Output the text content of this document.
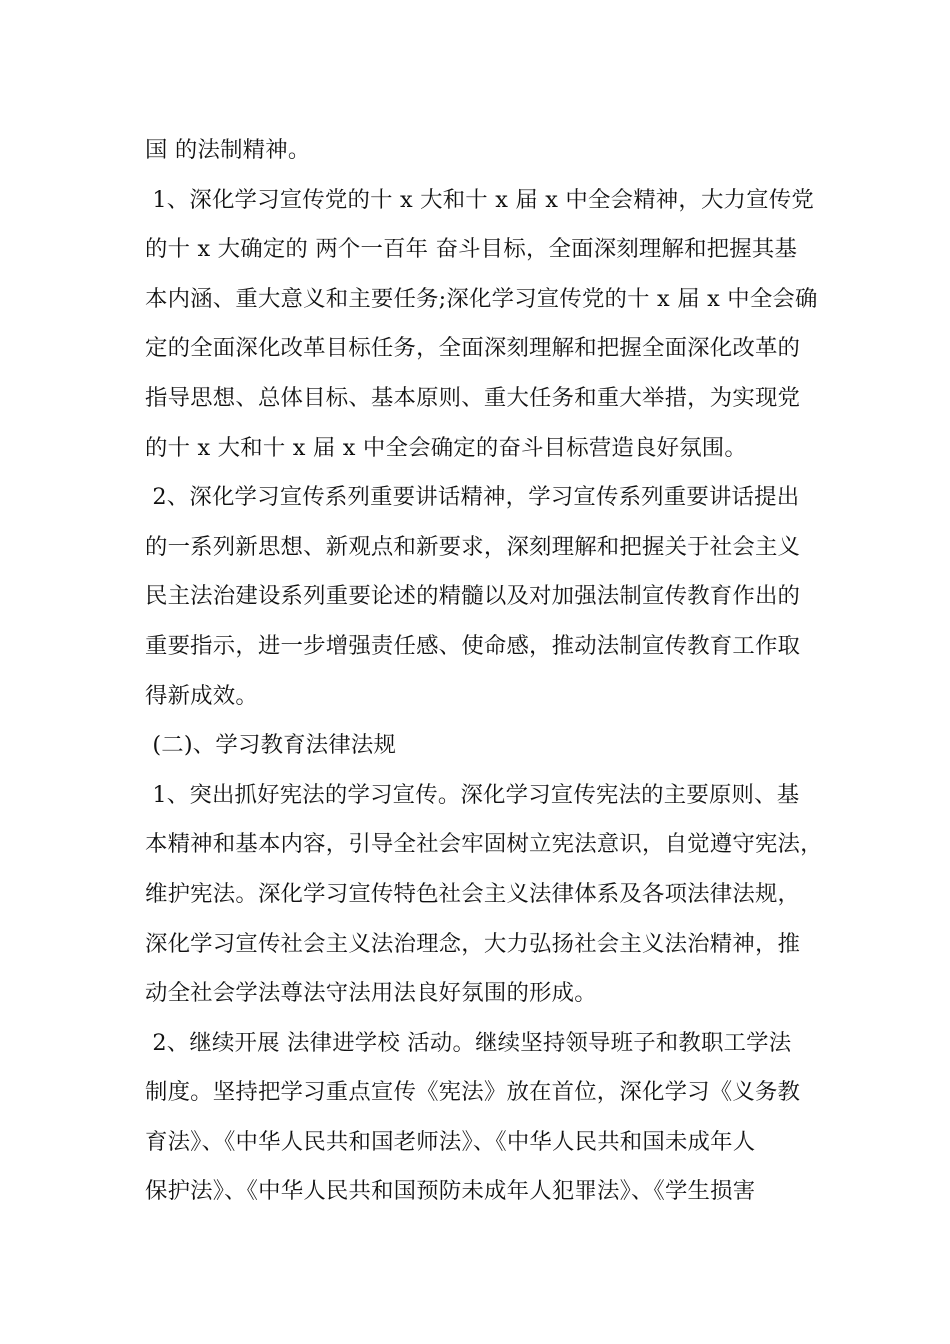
国 的法制精神。
1、深化学习宣传党的十 x 大和十 x 届 x 中全会精神，大力宣传党
的十 x 大确定的 两个一百年 奋斗目标，全面深刻理解和把握其基
本内涵、重大意义和主要任务;深化学习宣传党的十 x 届 x 中全会确
定的全面深化改革目标任务，全面深刻理解和把握全面深化改革的
指导思想、总体目标、基本原则、重大任务和重大举措，为实现党
的十 x 大和十 x 届 x 中全会确定的奋斗目标营造良好氛围。
2、深化学习宣传系列重要讲话精神，学习宣传系列重要讲话提出
的一系列新思想、新观点和新要求，深刻理解和把握关于社会主义
民主法治建设系列重要论述的精髓以及对加强法制宣传教育作出的
重要指示，进一步增强责任感、使命感，推动法制宣传教育工作取
得新成效。
(二)、学习教育法律法规
1、突出抓好宪法的学习宣传。深化学习宣传宪法的主要原则、基
本精神和基本内容，引导全社会牢固树立宪法意识，自觉遵守宪法，
维护宪法。深化学习宣传特色社会主义法律体系及各项法律法规，
深化学习宣传社会主义法治理念，大力弘扬社会主义法治精神，推
动全社会学法尊法守法用法良好氛围的形成。
2、继续开展 法律进学校 活动。继续坚持领导班子和教职工学法
制度。坚持把学习重点宣传《宪法》放在首位，深化学习《义务教
育法》、《中华人民共和国老师法》、《中华人民共和国未成年人
保护法》、《中华人民共和国预防未成年人犯罪法》、《学生损害
